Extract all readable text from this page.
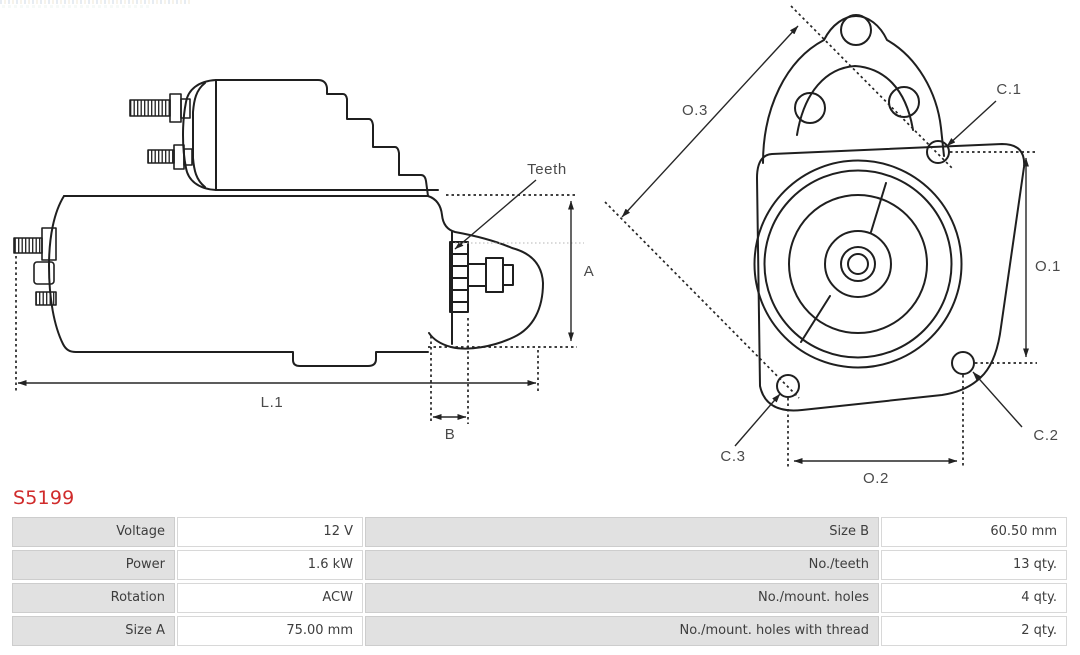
Teeth
A
L.1
B
O.3
O.1
O.2
C.1
C.2
C.3
S5199
Voltage	12 V	Size B	60.50 mm
Power	1.6 kW	No./teeth	13 qty.
Rotation	ACW	No./mount. holes	4 qty.
Size A	75.00 mm	No./mount. holes with thread	2 qty.
